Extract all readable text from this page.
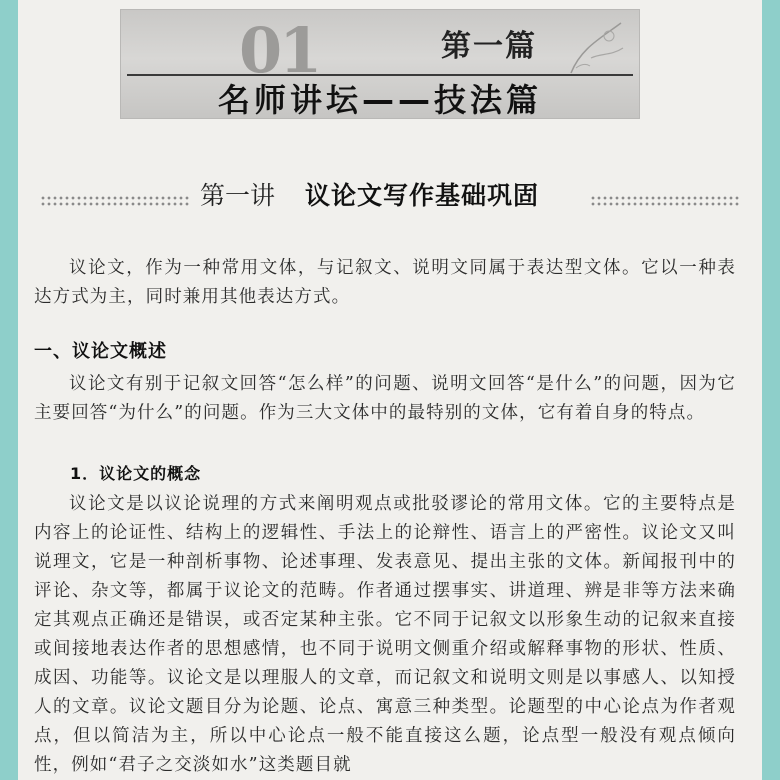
01	第一篇
名师讲坛——技法篇
第一讲 议论文写作基础巩固

议论文，作为一种常用文体，与记叙文、说明文同属于表达型文体。它以一种表达方式为主，同时兼用其他表达方式。

一、议论文概述

议论文有别于记叙文回答“怎么样”的问题、说明文回答“是什么”的问题，因为它主要回答“为什么”的问题。作为三大文体中的最特别的文体，它有着自身的特点。

1．议论文的概念

议论文是以议论说理的方式来阐明观点或批驳谬论的常用文体。它的主要特点是内容上的论证性、结构上的逻辑性、手法上的论辩性、语言上的严密性。议论文又叫说理文，它是一种剖析事物、论述事理、发表意见、提出主张的文体。新闻报刊中的评论、杂文等，都属于议论文的范畴。作者通过摆事实、讲道理、辨是非等方法来确定其观点正确还是错误，或否定某种主张。它不同于记叙文以形象生动的记叙来直接或间接地表达作者的思想感情，也不同于说明文侧重介绍或解释事物的形状、性质、成因、功能等。议论文是以理服人的文章，而记叙文和说明文则是以事感人、以知授人的文章。议论文题目分为论题、论点、寓意三种类型。论题型的中心论点为作者观点，但以简洁为主，所以中心论点一般不能直接这么题，论点型一般没有观点倾向性，例如“君子之交淡如水”这类题目就
